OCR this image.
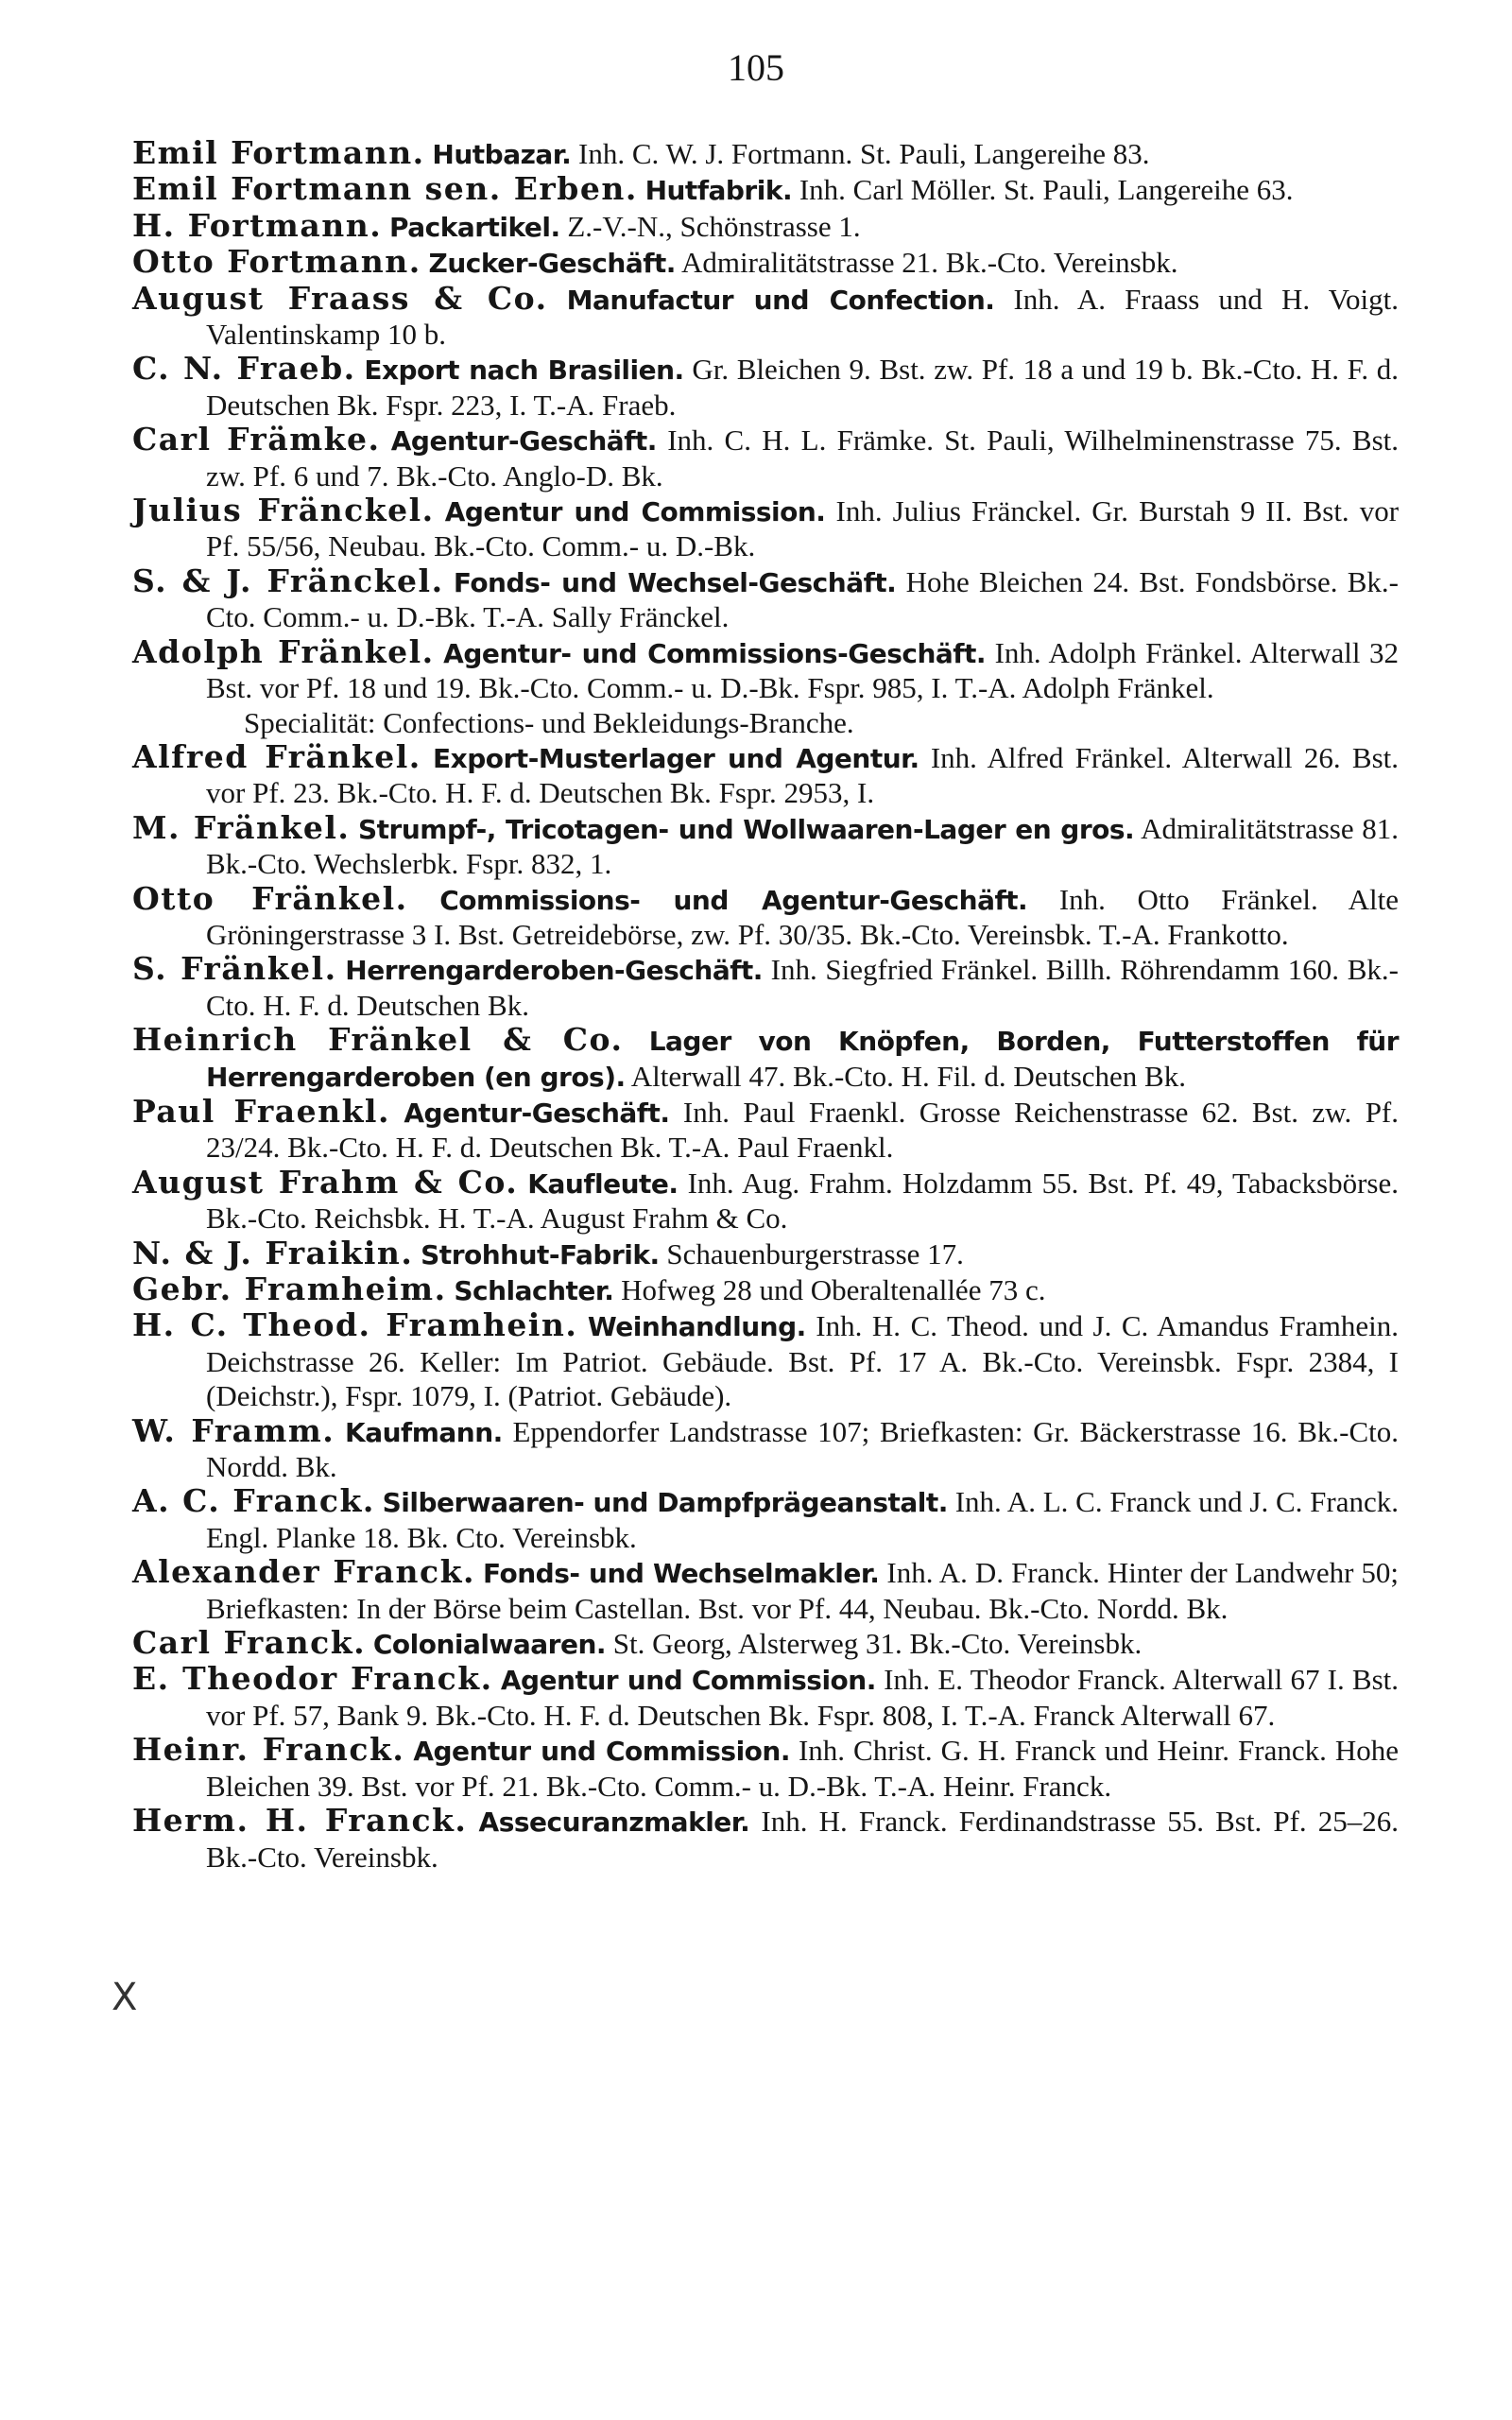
105
X

Emil Fortmann. Hutbazar. Inh. C. W. J. Fortmann. St. Pauli, Langereihe 83.

Emil Fortmann sen. Erben. Hutfabrik. Inh. Carl Möller. St. Pauli, Langereihe 63.

H. Fortmann. Packartikel. Z.-V.-N., Schönstrasse 1.

Otto Fortmann. Zucker-Geschäft. Admiralitätstrasse 21. Bk.-Cto. Vereinsbk.

August Fraass & Co. Manufactur und Confection. Inh. A. Fraass und H. Voigt. Valentinskamp 10 b.

C. N. Fraeb. Export nach Brasilien. Gr. Bleichen 9. Bst. zw. Pf. 18 a und 19 b. Bk.-Cto. H. F. d. Deutschen Bk. Fspr. 223, I. T.-A. Fraeb.

Carl Främke. Agentur-Geschäft. Inh. C. H. L. Främke. St. Pauli, Wilhelminenstrasse 75. Bst. zw. Pf. 6 und 7. Bk.-Cto. Anglo-D. Bk.

Julius Fränckel. Agentur und Commission. Inh. Julius Fränckel. Gr. Burstah 9 II. Bst. vor Pf. 55/56, Neubau. Bk.-Cto. Comm.- u. D.-Bk.

S. & J. Fränckel. Fonds- und Wechsel-Geschäft. Hohe Bleichen 24. Bst. Fondsbörse. Bk.-Cto. Comm.- u. D.-Bk. T.-A. Sally Fränckel.

Adolph Fränkel. Agentur- und Commissions-Geschäft. Inh. Adolph Fränkel. Alterwall 32 Bst. vor Pf. 18 und 19. Bk.-Cto. Comm.- u. D.-Bk. Fspr. 985, I. T.-A. Adolph Fränkel.
Specialität: Confections- und Bekleidungs-Branche.

Alfred Fränkel. Export-Musterlager und Agentur. Inh. Alfred Fränkel. Alterwall 26. Bst. vor Pf. 23. Bk.-Cto. H. F. d. Deutschen Bk. Fspr. 2953, I.

M. Fränkel. Strumpf-, Tricotagen- und Wollwaaren-Lager en gros. Admiralitätstrasse 81. Bk.-Cto. Wechslerbk. Fspr. 832, 1.

Otto Fränkel. Commissions- und Agentur-Geschäft. Inh. Otto Fränkel. Alte Gröningerstrasse 3 I. Bst. Getreidebörse, zw. Pf. 30/35. Bk.-Cto. Vereinsbk. T.-A. Frankotto.

S. Fränkel. Herrengarderoben-Geschäft. Inh. Siegfried Fränkel. Billh. Röhrendamm 160. Bk.-Cto. H. F. d. Deutschen Bk.

Heinrich Fränkel & Co. Lager von Knöpfen, Borden, Futterstoffen für Herrengarderoben (en gros). Alterwall 47. Bk.-Cto. H. Fil. d. Deutschen Bk.

Paul Fraenkl. Agentur-Geschäft. Inh. Paul Fraenkl. Grosse Reichenstrasse 62. Bst. zw. Pf. 23/24. Bk.-Cto. H. F. d. Deutschen Bk. T.-A. Paul Fraenkl.

August Frahm & Co. Kaufleute. Inh. Aug. Frahm. Holzdamm 55. Bst. Pf. 49, Tabacksbörse. Bk.-Cto. Reichsbk. H. T.-A. August Frahm & Co.

N. & J. Fraikin. Strohhut-Fabrik. Schauenburgerstrasse 17.

Gebr. Framheim. Schlachter. Hofweg 28 und Oberaltenallée 73 c.

H. C. Theod. Framhein. Weinhandlung. Inh. H. C. Theod. und J. C. Amandus Framhein. Deichstrasse 26. Keller: Im Patriot. Gebäude. Bst. Pf. 17 A. Bk.-Cto. Vereinsbk. Fspr. 2384, I (Deichstr.), Fspr. 1079, I. (Patriot. Gebäude).

W. Framm. Kaufmann. Eppendorfer Landstrasse 107; Briefkasten: Gr. Bäckerstrasse 16. Bk.-Cto. Nordd. Bk.

A. C. Franck. Silberwaaren- und Dampfprägeanstalt. Inh. A. L. C. Franck und J. C. Franck. Engl. Planke 18. Bk. Cto. Vereinsbk.

Alexander Franck. Fonds- und Wechselmakler. Inh. A. D. Franck. Hinter der Landwehr 50; Briefkasten: In der Börse beim Castellan. Bst. vor Pf. 44, Neubau. Bk.-Cto. Nordd. Bk.

Carl Franck. Colonialwaaren. St. Georg, Alsterweg 31. Bk.-Cto. Vereinsbk.

E. Theodor Franck. Agentur und Commission. Inh. E. Theodor Franck. Alterwall 67 I. Bst. vor Pf. 57, Bank 9. Bk.-Cto. H. F. d. Deutschen Bk. Fspr. 808, I. T.-A. Franck Alterwall 67.

Heinr. Franck. Agentur und Commission. Inh. Christ. G. H. Franck und Heinr. Franck. Hohe Bleichen 39. Bst. vor Pf. 21. Bk.-Cto. Comm.- u. D.-Bk. T.-A. Heinr. Franck.

Herm. H. Franck. Assecuranzmakler. Inh. H. Franck. Ferdinandstrasse 55. Bst. Pf. 25–26. Bk.-Cto. Vereinsbk.
